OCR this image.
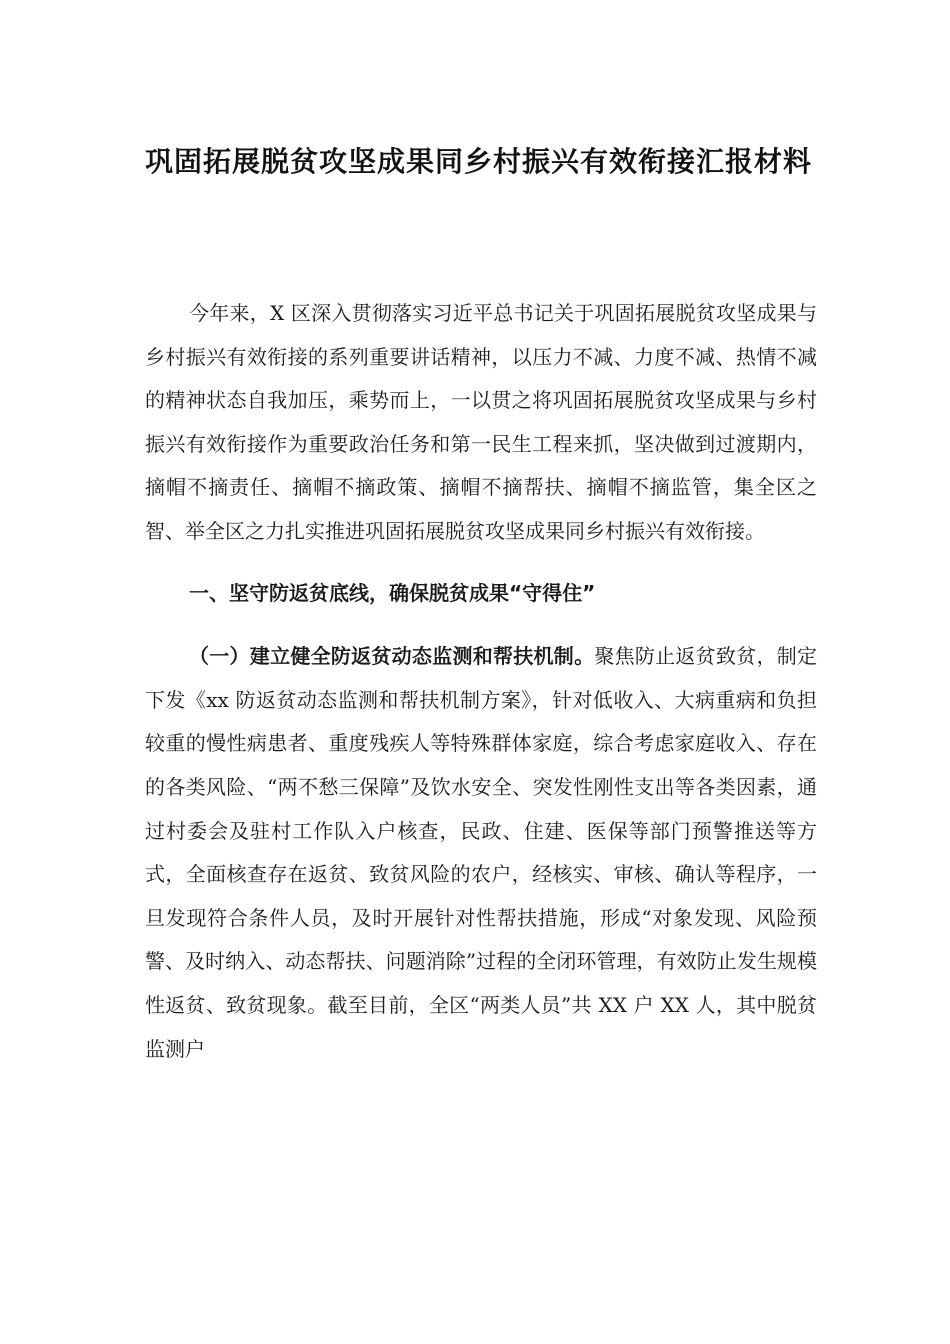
巩固拓展脱贫攻坚成果同乡村振兴有效衔接汇报材料

今年来，X 区深入贯彻落实习近平总书记关于巩固拓展脱贫攻坚成果与乡村振兴有效衔接的系列重要讲话精神，以压力不减、力度不减、热情不减的精神状态自我加压，乘势而上，一以贯之将巩固拓展脱贫攻坚成果与乡村振兴有效衔接作为重要政治任务和第一民生工程来抓，坚决做到过渡期内，摘帽不摘责任、摘帽不摘政策、摘帽不摘帮扶、摘帽不摘监管，集全区之智、举全区之力扎实推进巩固拓展脱贫攻坚成果同乡村振兴有效衔接。

一、坚守防返贫底线，确保脱贫成果“守得住”

（一）建立健全防返贫动态监测和帮扶机制。聚焦防止返贫致贫，制定下发《xx 防返贫动态监测和帮扶机制方案》，针对低收入、大病重病和负担较重的慢性病患者、重度残疾人等特殊群体家庭，综合考虑家庭收入、存在的各类风险、“两不愁三保障”及饮水安全、突发性刚性支出等各类因素，通过村委会及驻村工作队入户核查，民政、住建、医保等部门预警推送等方式，全面核查存在返贫、致贫风险的农户，经核实、审核、确认等程序，一旦发现符合条件人员，及时开展针对性帮扶措施，形成“对象发现、风险预警、及时纳入、动态帮扶、问题消除”过程的全闭环管理，有效防止发生规模性返贫、致贫现象。截至目前，全区“两类人员”共 XX 户 XX 人，其中脱贫监测户
